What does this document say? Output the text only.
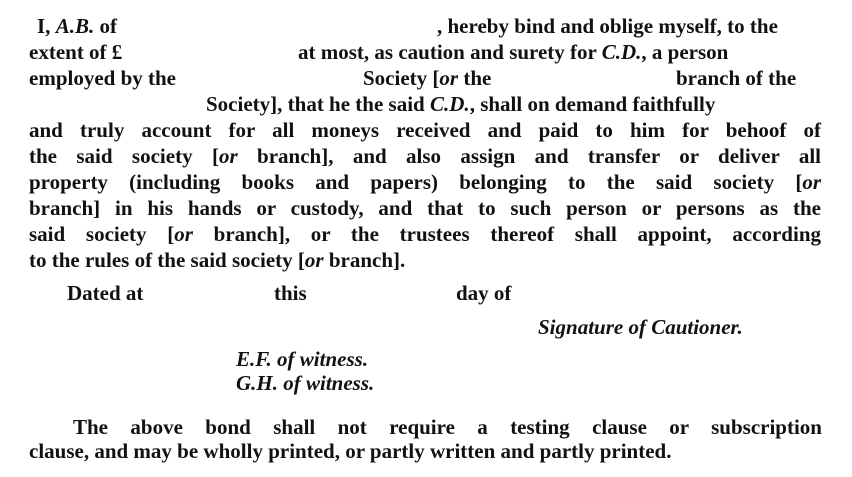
I, A.B. of	, hereby bind and oblige myself, to the
extent of £	at most, as caution and surety for C.D., a person
employed by the	Society [or the	branch of the
Society], that he the said C.D., shall on demand faithfully
and truly account for all moneys received and paid to him for behoof of
the said society [or branch], and also assign and transfer or deliver all
property (including books and papers) belonging to the said society [or
branch] in his hands or custody, and that to such person or persons as the
said society [or branch], or the trustees thereof shall appoint, according
to the rules of the said society [or branch].
Dated at	this	day of
Signature of Cautioner.
E.F. of witness.
G.H. of witness.
The above bond shall not require a testing clause or subscription
clause, and may be wholly printed, or partly written and partly printed.
